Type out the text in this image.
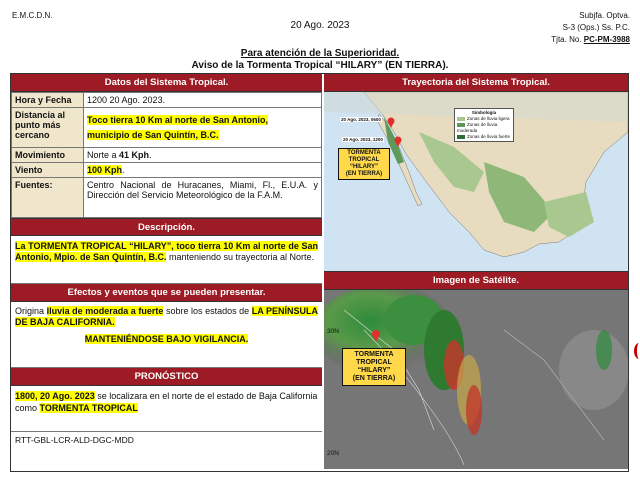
E.M.C.D.N.
20 Ago. 2023
Subjfa. Optva.
S-3 (Ops.) Ss. P.C.
Tjta. No. PC-PM-3988
Para atención de la Superioridad.
Aviso de la Tormenta Tropical “HILARY” (EN TIERRA).
Datos del Sistema Tropical.
Hora y Fecha	1200 20 Ago. 2023.
Distancia al punto más cercano	Toco tierra 10 Km al norte de San Antonio,
municipio de San Quintín, B.C.
Movimiento	Norte a 41 Kph.
Viento	100 Kph.
Fuentes:	Centro Nacional de Huracanes, Miami, Fl., E.U.A. y Dirección del Servicio Meteorológico de la F.A.M.
Descripción.
La TORMENTA TROPICAL “HILARY”, toco tierra 10 Km al norte de San Antonio, Mpio. de San Quintín, B.C. manteniendo su trayectoria al Norte.
Efectos y eventos que se pueden presentar.
Origina lluvia de moderada a fuerte sobre los estados de LA PENÍNSULA DE BAJA CALIFORNIA.
MANTENIÉNDOSE BAJO VIGILANCIA.
PRONÓSTICO
1800, 20 Ago. 2023 se localizara en el norte de el estado de Baja California como TORMENTA TROPICAL
RTT-GBL-LCR-ALD-DGC-MDD
Trayectoria del Sistema Tropical.
20 Ago. 2023, 0600
20 Ago. 2023, 1200
TORMENTA TROPICAL
“HILARY”
(EN TIERRA)
Simbología
Zonas de lluvia ligera
Zonas de lluvia moderada
Zonas de lluvia fuerte
Imagen de Satélite.
30N
20N
TORMENTA
TROPICAL
“HILARY”
(EN TIERRA)
